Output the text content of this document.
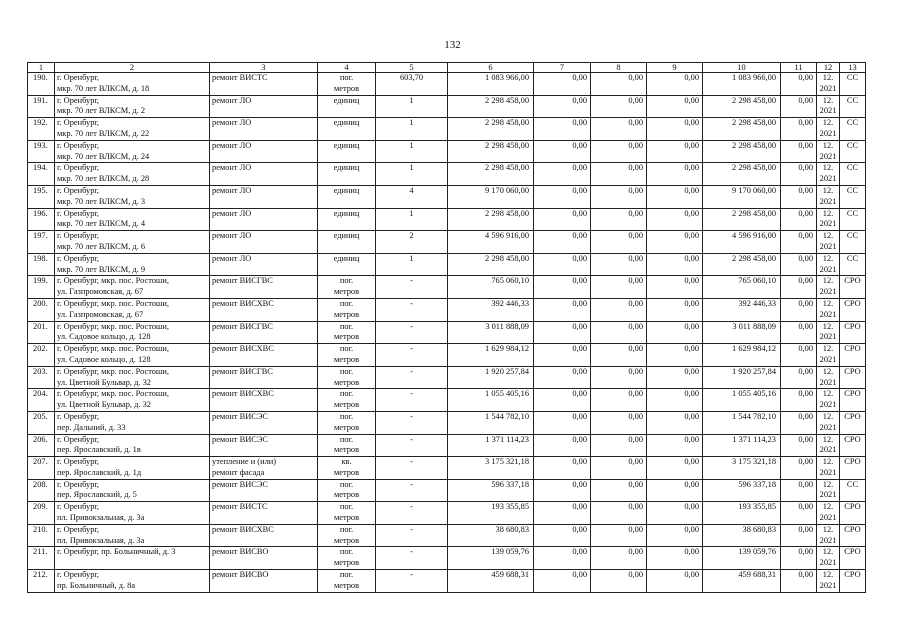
132
1	2	3	4	5	6	7	8	9	10	11	12	13

190.	г. Оренбург,
мкр. 70 лет ВЛКСМ, д. 18	ремонт ВИСТС	пог.
метров	603,70	1 083 966,00	0,00	0,00	0,00	1 083 966,00	0,00	12.
2021	СС

191.	г. Оренбург,
мкр. 70 лет ВЛКСМ, д. 2	ремонт ЛО	единиц	1	2 298 458,00	0,00	0,00	0,00	2 298 458,00	0,00	12.
2021	СС

192.	г. Оренбург,
мкр. 70 лет ВЛКСМ, д. 22	ремонт ЛО	единиц	1	2 298 458,00	0,00	0,00	0,00	2 298 458,00	0,00	12.
2021	СС

193.	г. Оренбург,
мкр. 70 лет ВЛКСМ, д. 24	ремонт ЛО	единиц	1	2 298 458,00	0,00	0,00	0,00	2 298 458,00	0,00	12.
2021	СС

194.	г. Оренбург,
мкр. 70 лет ВЛКСМ, д. 28	ремонт ЛО	единиц	1	2 298 458,00	0,00	0,00	0,00	2 298 458,00	0,00	12.
2021	СС

195.	г. Оренбург,
мкр. 70 лет ВЛКСМ, д. 3	ремонт ЛО	единиц	4	9 170 060,00	0,00	0,00	0,00	9 170 060,00	0,00	12.
2021	СС

196.	г. Оренбург,
мкр. 70 лет ВЛКСМ, д. 4	ремонт ЛО	единиц	1	2 298 458,00	0,00	0,00	0,00	2 298 458,00	0,00	12.
2021	СС

197.	г. Оренбург,
мкр. 70 лет ВЛКСМ, д. 6	ремонт ЛО	единиц	2	4 596 916,00	0,00	0,00	0,00	4 596 916,00	0,00	12.
2021	СС

198.	г. Оренбург,
мкр. 70 лет ВЛКСМ, д. 9	ремонт ЛО	единиц	1	2 298 458,00	0,00	0,00	0,00	2 298 458,00	0,00	12.
2021	СС

199.	г. Оренбург, мкр. пос. Ростоши,
ул. Газпромовская, д. 67	ремонт ВИСГВС	пог.
метров	-	765 060,10	0,00	0,00	0,00	765 060,10	0,00	12.
2021	СРО

200.	г. Оренбург, мкр. пос. Ростоши,
ул. Газпромовская, д. 67	ремонт ВИСХВС	пог.
метров	-	392 446,33	0,00	0,00	0,00	392 446,33	0,00	12.
2021	СРО

201.	г. Оренбург, мкр. пос. Ростоши,
ул. Садовое кольцо, д. 128	ремонт ВИСГВС	пог.
метров	-	3 011 888,09	0,00	0,00	0,00	3 011 888,09	0,00	12.
2021	СРО

202.	г. Оренбург, мкр. пос. Ростоши,
ул. Садовое кольцо, д. 128	ремонт ВИСХВС	пог.
метров	-	1 629 984,12	0,00	0,00	0,00	1 629 984,12	0,00	12.
2021	СРО

203.	г. Оренбург, мкр. пос. Ростоши,
ул. Цветной Бульвар, д. 32	ремонт ВИСГВС	пог.
метров	-	1 920 257,84	0,00	0,00	0,00	1 920 257,84	0,00	12.
2021	СРО

204.	г. Оренбург, мкр. пос. Ростоши,
ул. Цветной Бульвар, д. 32	ремонт ВИСХВС	пог.
метров	-	1 055 405,16	0,00	0,00	0,00	1 055 405,16	0,00	12.
2021	СРО

205.	г. Оренбург,
пер. Дальний, д. 33	ремонт ВИСЭС	пог.
метров	-	1 544 782,10	0,00	0,00	0,00	1 544 782,10	0,00	12.
2021	СРО

206.	г. Оренбург,
пер. Ярославский, д. 1в	ремонт ВИСЭС	пог.
метров	-	1 371 114,23	0,00	0,00	0,00	1 371 114,23	0,00	12.
2021	СРО

207.	г. Оренбург,
пер. Ярославский, д. 1д	утепление и (или)
ремонт фасада	кв.
метров	-	3 175 321,18	0,00	0,00	0,00	3 175 321,18	0,00	12.
2021	СРО

208.	г. Оренбург,
пер. Ярославский, д. 5	ремонт ВИСЭС	пог.
метров	-	596 337,18	0,00	0,00	0,00	596 337,18	0,00	12.
2021	СС

209.	г. Оренбург,
пл. Привокзальная, д. 3а	ремонт ВИСТС	пог.
метров	-	193 355,85	0,00	0,00	0,00	193 355,85	0,00	12.
2021	СРО

210.	г. Оренбург,
пл. Привокзальная, д. 3а	ремонт ВИСХВС	пог.
метров	-	38 680,83	0,00	0,00	0,00	38 680,83	0,00	12.
2021	СРО

211.	г. Оренбург, пр. Больничный, д. 3	ремонт ВИСВО	пог.
метров	-	139 059,76	0,00	0,00	0,00	139 059,76	0,00	12.
2021	СРО

212.	г. Оренбург,
пр. Больничный, д. 8а	ремонт ВИСВО	пог.
метров	-	459 688,31	0,00	0,00	0,00	459 688,31	0,00	12.
2021	СРО
